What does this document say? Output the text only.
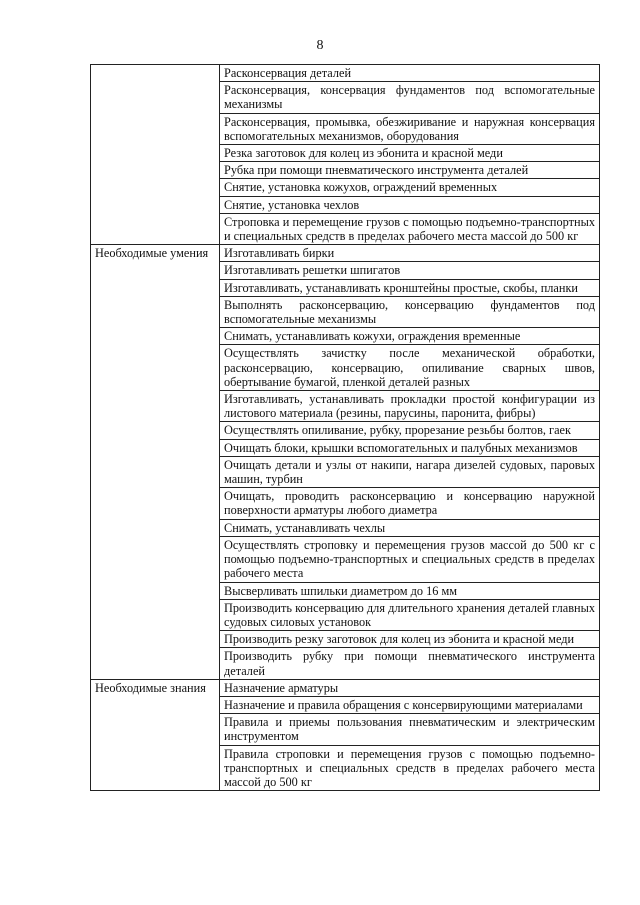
8
	Расконсервация деталей
	Расконсервация, консервация фундаментов под вспомогательные механизмы
	Расконсервация, промывка, обезжиривание и наружная консервация вспомогательных механизмов, оборудования
	Резка заготовок для колец из эбонита и красной меди
	Рубка при помощи пневматического инструмента деталей
	Снятие, установка кожухов, ограждений временных
	Снятие, установка чехлов
	Строповка и перемещение грузов с помощью подъемно-транспортных и специальных средств в пределах рабочего места массой до 500 кг
Необходимые умения	Изготавливать бирки
	Изготавливать решетки шпигатов
	Изготавливать, устанавливать кронштейны простые, скобы, планки
	Выполнять расконсервацию, консервацию фундаментов под вспомогательные механизмы
	Снимать, устанавливать кожухи, ограждения временные
	Осуществлять зачистку после механической обработки, расконсервацию, консервацию, опиливание сварных швов, обертывание бумагой, пленкой деталей разных
	Изготавливать, устанавливать прокладки простой конфигурации из листового материала (резины, парусины, паронита, фибры)
	Осуществлять опиливание, рубку, прорезание резьбы болтов, гаек
	Очищать блоки, крышки вспомогательных и палубных механизмов
	Очищать детали и узлы от накипи, нагара дизелей судовых, паровых машин, турбин
	Очищать, проводить расконсервацию и консервацию наружной поверхности арматуры любого диаметра
	Снимать, устанавливать чехлы
	Осуществлять строповку и перемещения грузов массой до 500 кг с помощью подъемно-транспортных и специальных средств в пределах рабочего места
	Высверливать шпильки диаметром до 16 мм
	Производить консервацию для длительного хранения деталей главных судовых силовых установок
	Производить резку заготовок для колец из эбонита и красной меди
	Производить рубку при помощи пневматического инструмента деталей
Необходимые знания	Назначение арматуры
	Назначение и правила обращения с консервирующими материалами
	Правила и приемы пользования пневматическим и электрическим инструментом
	Правила строповки и перемещения грузов с помощью подъемно-транспортных и специальных средств в пределах рабочего места массой до 500 кг
